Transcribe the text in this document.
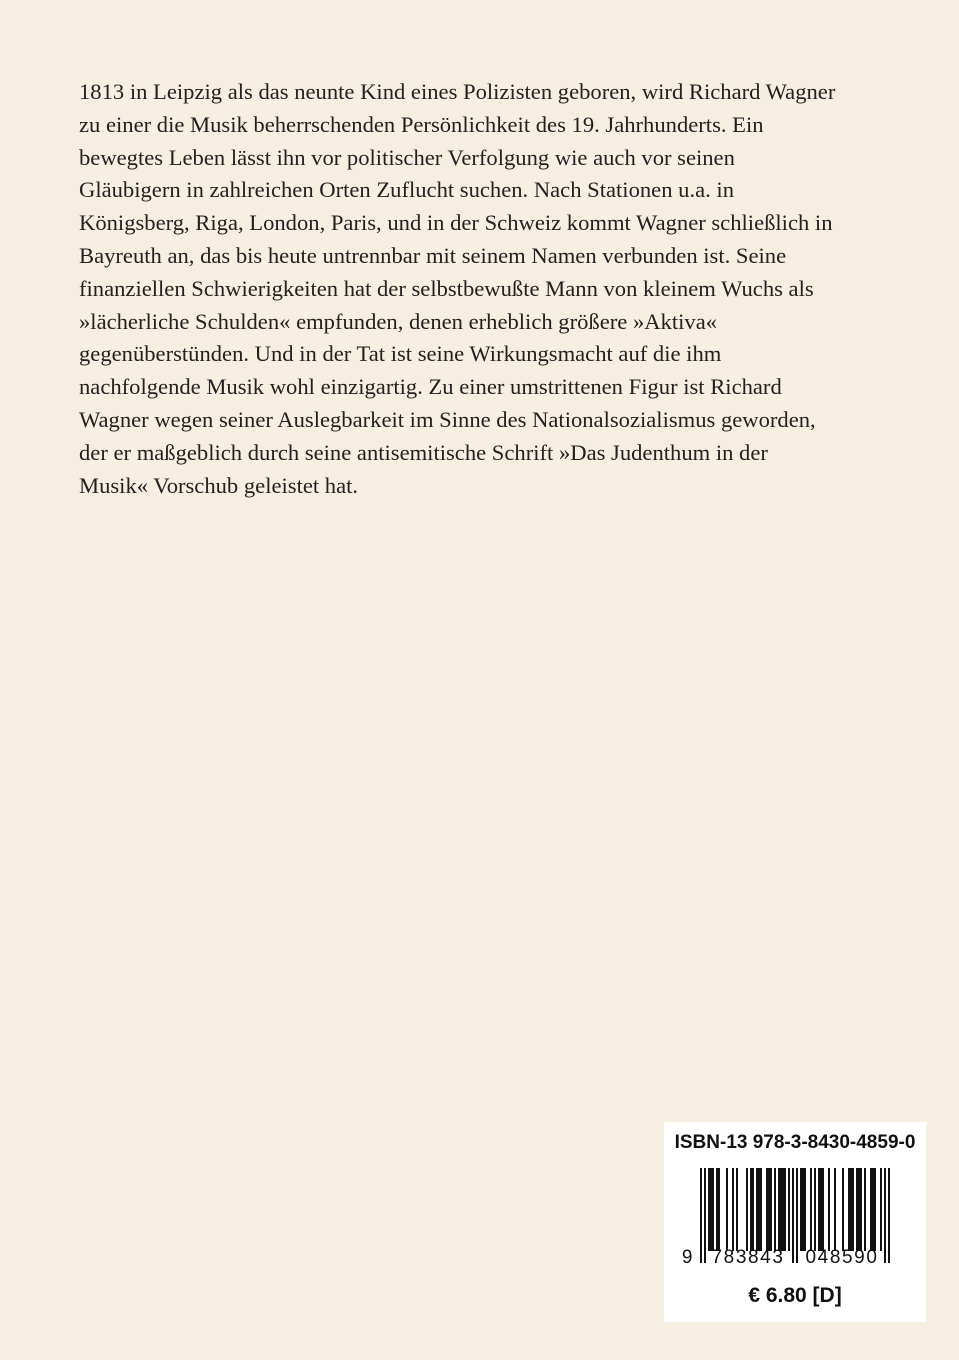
1813 in Leipzig als das neunte Kind eines Polizisten geboren, wird Richard Wagner
zu einer die Musik beherrschenden Persönlichkeit des 19. Jahrhunderts. Ein
bewegtes Leben lässt ihn vor politischer Verfolgung wie auch vor seinen
Gläubigern in zahlreichen Orten Zuflucht suchen. Nach Stationen u.a. in
Königsberg, Riga, London, Paris, und in der Schweiz kommt Wagner schließlich in
Bayreuth an, das bis heute untrennbar mit seinem Namen verbunden ist. Seine
finanziellen Schwierigkeiten hat der selbstbewußte Mann von kleinem Wuchs als
»lächerliche Schulden« empfunden, denen erheblich größere »Aktiva«
gegenüberstünden. Und in der Tat ist seine Wirkungsmacht auf die ihm
nachfolgende Musik wohl einzigartig. Zu einer umstrittenen Figur ist Richard
Wagner wegen seiner Auslegbarkeit im Sinne des Nationalsozialismus geworden,
der er maßgeblich durch seine antisemitische Schrift »Das Judenthum in der
Musik« Vorschub geleistet hat.
ISBN-13 978-3-8430-4859-0
9 783843 048590
€ 6.80 [D]
